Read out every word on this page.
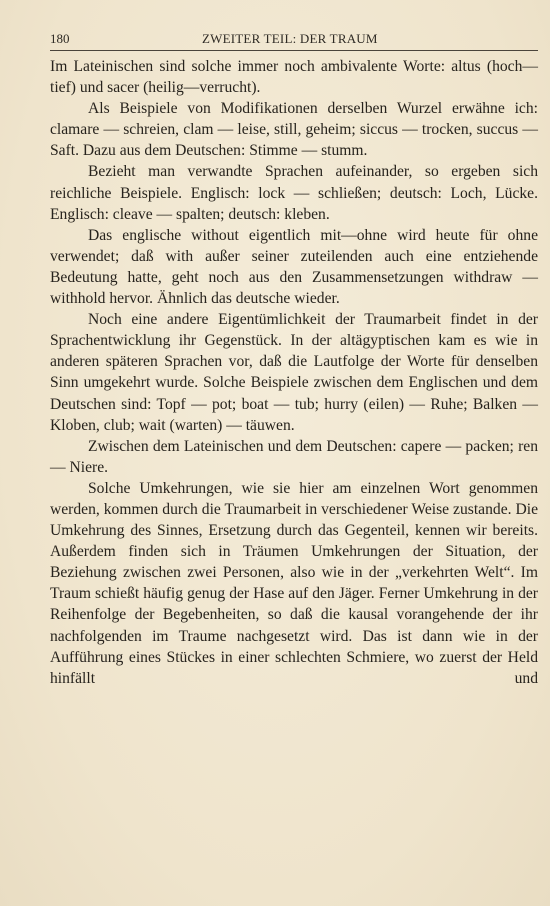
180	ZWEITER TEIL: DER TRAUM

Im Lateinischen sind solche immer noch ambivalente Worte: altus (hoch—tief) und sacer (heilig—verrucht).

Als Beispiele von Modifikationen derselben Wurzel erwähne ich: clamare — schreien, clam — leise, still, geheim; siccus — trocken, succus — Saft. Dazu aus dem Deutschen: Stimme — stumm.

Bezieht man verwandte Sprachen aufeinander, so ergeben sich reichliche Beispiele. Englisch: lock — schließen; deutsch: Loch, Lücke. Englisch: cleave — spalten; deutsch: kleben.

Das englische without eigentlich mit—ohne wird heute für ohne verwendet; daß with außer seiner zuteilenden auch eine entziehende Bedeutung hatte, geht noch aus den Zusammensetzungen withdraw — withhold hervor. Ähnlich das deutsche wieder.

Noch eine andere Eigentümlichkeit der Traumarbeit findet in der Sprachentwicklung ihr Gegenstück. In der altägyptischen kam es wie in anderen späteren Sprachen vor, daß die Lautfolge der Worte für denselben Sinn umgekehrt wurde. Solche Beispiele zwischen dem Englischen und dem Deutschen sind: Topf — pot; boat — tub; hurry (eilen) — Ruhe; Balken — Kloben, club; wait (warten) — täuwen.

Zwischen dem Lateinischen und dem Deutschen: capere — packen; ren — Niere.

Solche Umkehrungen, wie sie hier am einzelnen Wort genommen werden, kommen durch die Traumarbeit in verschiedener Weise zustande. Die Umkehrung des Sinnes, Ersetzung durch das Gegenteil, kennen wir bereits. Außerdem finden sich in Träumen Umkehrungen der Situation, der Beziehung zwischen zwei Personen, also wie in der „verkehrten Welt“. Im Traum schießt häufig genug der Hase auf den Jäger. Ferner Umkehrung in der Reihenfolge der Begebenheiten, so daß die kausal vorangehende der ihr nachfolgenden im Traume nachgesetzt wird. Das ist dann wie in der Aufführung eines Stückes in einer schlechten Schmiere, wo zuerst der Held hinfällt und
